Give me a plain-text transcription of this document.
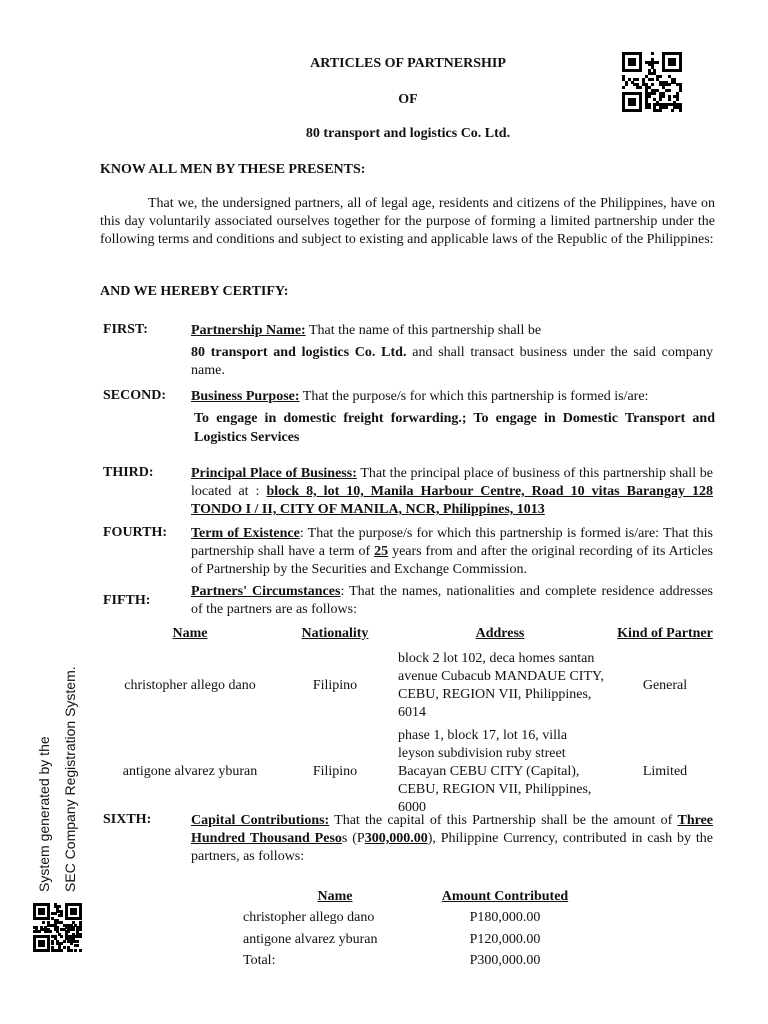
ARTICLES OF PARTNERSHIP
OF
80 transport and logistics Co. Ltd.
KNOW ALL MEN BY THESE PRESENTS:
That we, the undersigned partners, all of legal age, residents and citizens of the Philippines, have on this day voluntarily associated ourselves together for the purpose of forming a limited partnership under the following terms and conditions and subject to existing and applicable laws of the Republic of the Philippines:
AND WE HEREBY CERTIFY:
FIRST:	Partnership Name: That the name of this partnership shall be
80 transport and logistics Co. Ltd. and shall transact business under the said company name.
SECOND: Business Purpose: That the purpose/s for which this partnership is formed is/are:
To engage in domestic freight forwarding.; To engage in Domestic Transport and Logistics Services
THIRD:	Principal Place of Business: That the principal place of business of this partnership shall be located at : block 8, lot 10, Manila Harbour Centre, Road 10 vitas Barangay 128 TONDO I / II, CITY OF MANILA, NCR, Philippines, 1013
FOURTH: Term of Existence: That the purpose/s for which this partnership is formed is/are: That this partnership shall have a term of 25 years from and after the original recording of its Articles of Partnership by the Securities and Exchange Commission.
FIFTH:
Partners' Circumstances: That the names, nationalities and complete residence addresses of the partners are as follows:
Name	Nationality	Address	Kind of Partner
christopher allego dano	Filipino	block 2 lot 102, deca homes santan avenue Cubacub MANDAUE CITY, CEBU, REGION VII, Philippines, 6014	General
antigone alvarez yburan	Filipino	phase 1, block 17, lot 16, villa leyson subdivision ruby street Bacayan CEBU CITY (Capital), CEBU, REGION VII, Philippines, 6000	Limited
SIXTH:	Capital Contributions: That the capital of this Partnership shall be the amount of Three Hundred Thousand Pesos (P300,000.00), Philippine Currency, contributed in cash by the partners, as follows:
Name	Amount Contributed
christopher allego dano	P180,000.00
antigone alvarez yburan	P120,000.00
Total:	P300,000.00
System generated by the SEC Company Registration System.
